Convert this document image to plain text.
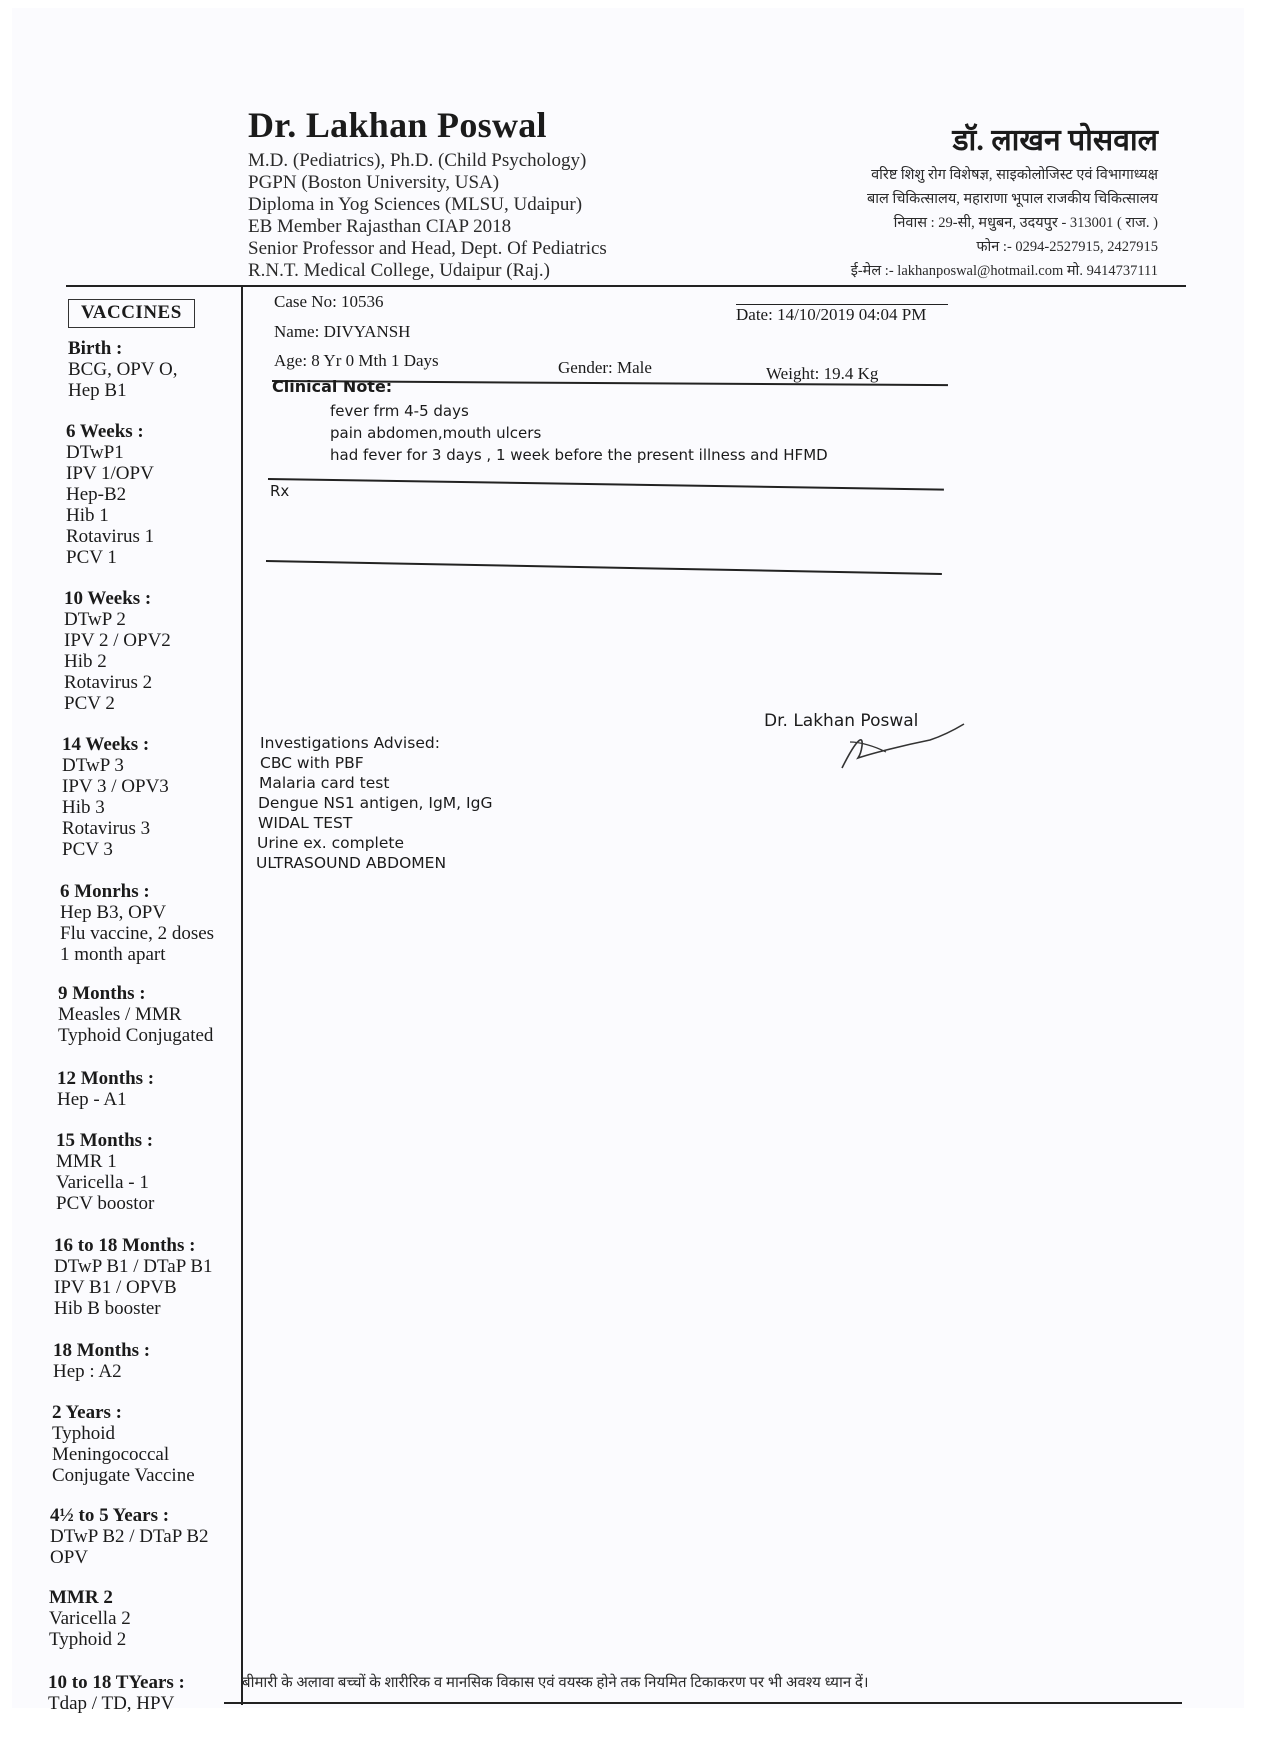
Dr. Lakhan Poswal
M.D. (Pediatrics), Ph.D. (Child Psychology)
PGPN (Boston University, USA)
Diploma in Yog Sciences (MLSU, Udaipur)
EB Member Rajasthan CIAP 2018
Senior Professor and Head, Dept. Of Pediatrics
R.N.T. Medical College, Udaipur (Raj.)
डॉ. लाखन पोसवाल
वरिष्ट शिशु रोग विशेषज्ञ, साइकोलोजिस्ट एवं विभागाध्यक्ष
बाल चिकित्सालय, महाराणा भूपाल राजकीय चिकित्सालय
निवास : 29-सी, मधुबन, उदयपुर - 313001 ( राज. )
फोन :- 0294-2527915, 2427915
ई-मेल :- lakhanposwal@hotmail.com मो. 9414737111
VACCINES
Birth :
BCG, OPV O,
Hep B1
6 Weeks :
DTwP1
IPV 1/OPV
Hep-B2
Hib 1
Rotavirus 1
PCV 1
10 Weeks :
DTwP 2
IPV 2 / OPV2
Hib 2
Rotavirus 2
PCV 2
14 Weeks :
DTwP 3
IPV 3 / OPV3
Hib 3
Rotavirus 3
PCV 3
6 Monrhs :
Hep B3, OPV
Flu vaccine, 2 doses
1 month apart
9 Months :
Measles / MMR
Typhoid Conjugated
12 Months :
Hep - A1
15 Months :
MMR 1
Varicella - 1
PCV boostor
16 to 18 Months :
DTwP B1 / DTaP B1
IPV B1 / OPVB
Hib B booster
18 Months :
Hep : A2
2 Years :
Typhoid
Meningococcal
Conjugate Vaccine
4½ to 5 Years :
DTwP B2 / DTaP B2
OPV
MMR 2
Varicella 2
Typhoid 2
10 to 18 TYears :
Tdap / TD, HPV
Case No: 10536
Date: 14/10/2019 04:04 PM
Name: DIVYANSH
Age: 8 Yr 0 Mth 1 Days	Gender: Male	Weight: 19.4 Kg
Clinical Note:
fever frm 4-5 days
pain abdomen,mouth ulcers
had fever for 3 days , 1 week before the present illness and HFMD
Rx
Dr. Lakhan Poswal
Investigations Advised:
CBC with PBF
Malaria card test
Dengue NS1 antigen, IgM, IgG
WIDAL TEST
Urine ex. complete
ULTRASOUND ABDOMEN
बीमारी के अलावा बच्चों के शारीरिक व मानसिक विकास एवं वयस्क होने तक नियमित टिकाकरण पर भी अवश्य ध्यान दें।
